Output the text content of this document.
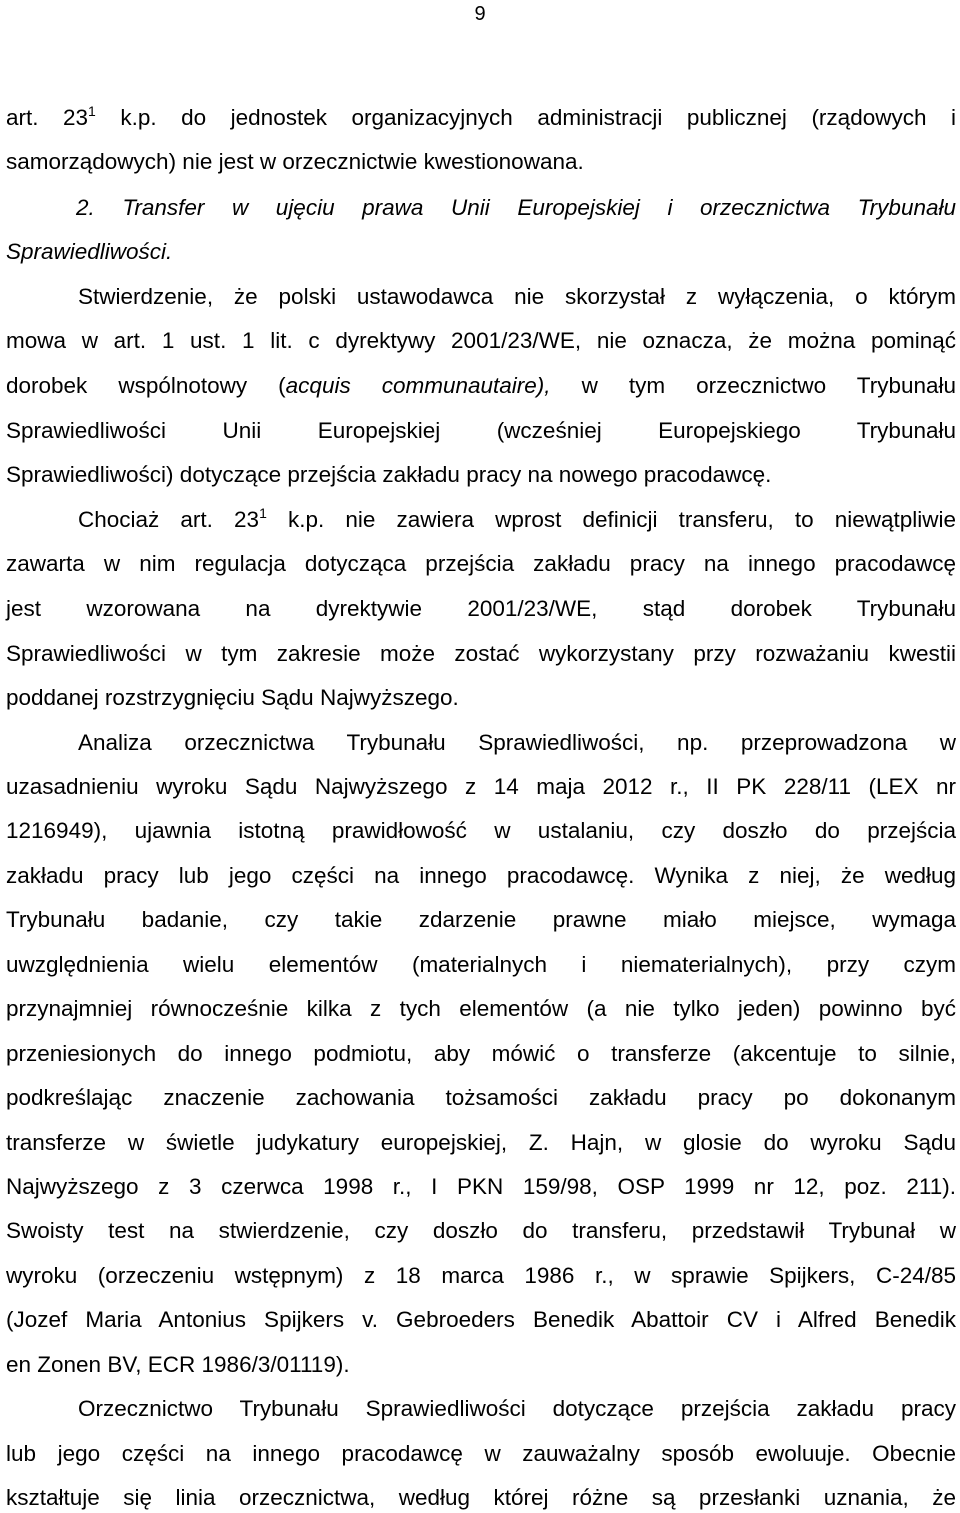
9
art. $23^1$ k.p. do jednostek organizacyjnych administracji publicznej (rządowych i
samorządowych) nie jest w orzecznictwie kwestionowana.
2. Transfer w ujęciu prawa Unii Europejskiej i orzecznictwa Trybunału
Sprawiedliwości.
Stwierdzenie, że polski ustawodawca nie skorzystał z wyłączenia, o którym
mowa w art. 1 ust. 1 lit. c dyrektywy 2001/23/WE, nie oznacza, że można pominąć
dorobek wspólnotowy (acquis communautaire), w tym orzecznictwo Trybunału
Sprawiedliwości Unii Europejskiej (wcześniej Europejskiego Trybunału
Sprawiedliwości) dotyczące przejścia zakładu pracy na nowego pracodawcę.
Chociaż art. $23^1$ k.p. nie zawiera wprost definicji transferu, to niewątpliwie
zawarta w nim regulacja dotycząca przejścia zakładu pracy na innego pracodawcę
jest wzorowana na dyrektywie 2001/23/WE, stąd dorobek Trybunału
Sprawiedliwości w tym zakresie może zostać wykorzystany przy rozważaniu kwestii
poddanej rozstrzygnięciu Sądu Najwyższego.
Analiza orzecznictwa Trybunału Sprawiedliwości, np. przeprowadzona w
uzasadnieniu wyroku Sądu Najwyższego z 14 maja 2012 r., II PK 228/11 (LEX nr
1216949), ujawnia istotną prawidłowość w ustalaniu, czy doszło do przejścia
zakładu pracy lub jego części na innego pracodawcę. Wynika z niej, że według
Trybunału badanie, czy takie zdarzenie prawne miało miejsce, wymaga
uwzględnienia wielu elementów (materialnych i niematerialnych), przy czym
przynajmniej równocześnie kilka z tych elementów (a nie tylko jeden) powinno być
przeniesionych do innego podmiotu, aby mówić o transferze (akcentuje to silnie,
podkreślając znaczenie zachowania tożsamości zakładu pracy po dokonanym
transferze w świetle judykatury europejskiej, Z. Hajn, w glosie do wyroku Sądu
Najwyższego z 3 czerwca 1998 r., I PKN 159/98, OSP 1999 nr 12, poz. 211).
Swoisty test na stwierdzenie, czy doszło do transferu, przedstawił Trybunał w
wyroku (orzeczeniu wstępnym) z 18 marca 1986 r., w sprawie Spijkers, C-24/85
(Jozef Maria Antonius Spijkers v. Gebroeders Benedik Abattoir CV i Alfred Benedik
en Zonen BV, ECR 1986/3/01119).
Orzecznictwo Trybunału Sprawiedliwości dotyczące przejścia zakładu pracy
lub jego części na innego pracodawcę w zauważalny sposób ewoluuje. Obecnie
kształtuje się linia orzecznictwa, według której różne są przesłanki uznania, że
